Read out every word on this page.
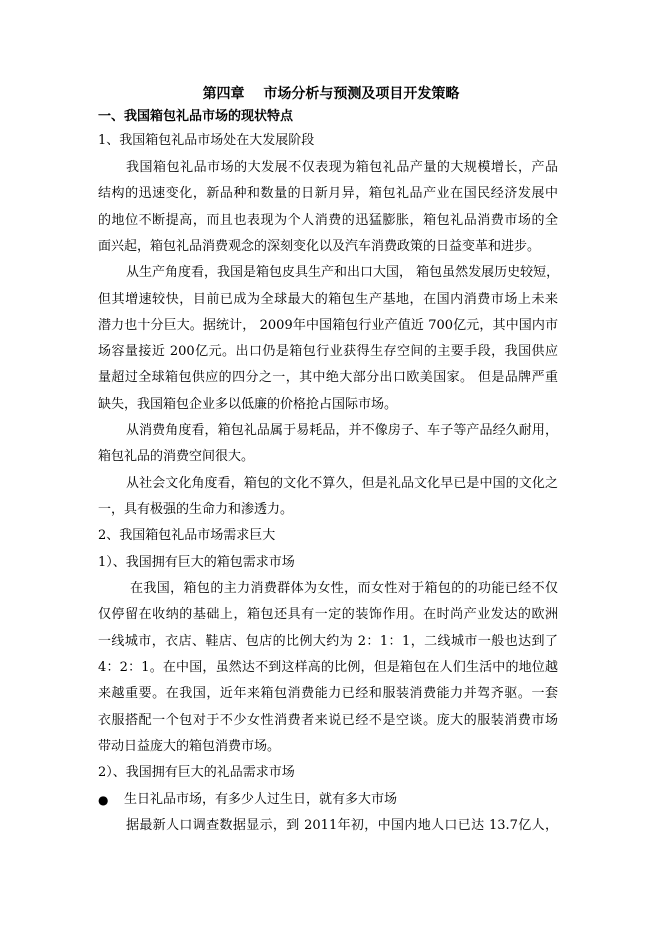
第四章　 市场分析与预测及项目开发策略
一、我国箱包礼品市场的现状特点
1、我国箱包礼品市场处在大发展阶段
我国箱包礼品市场的大发展不仅表现为箱包礼品产量的大规模增长，产品
结构的迅速变化，新品种和数量的日新月异，箱包礼品产业在国民经济发展中
的地位不断提高，而且也表现为个人消费的迅猛膨胀，箱包礼品消费市场的全
面兴起，箱包礼品消费观念的深刻变化以及汽车消费政策的日益变革和进步。
从生产角度看，我国是箱包皮具生产和出口大国， 箱包虽然发展历史较短，
但其增速较快，目前已成为全球最大的箱包生产基地，在国内消费市场上未来
潜力也十分巨大。据统计， 2009年中国箱包行业产值近 700亿元，其中国内市
场容量接近 200亿元。出口仍是箱包行业获得生存空间的主要手段，我国供应
量超过全球箱包供应的四分之一，其中绝大部分出口欧美国家。 但是品牌严重
缺失，我国箱包企业多以低廉的价格抢占国际市场。
从消费角度看，箱包礼品属于易耗品，并不像房子、车子等产品经久耐用，
箱包礼品的消费空间很大。
从社会文化角度看，箱包的文化不算久，但是礼品文化早已是中国的文化之
一，具有极强的生命力和渗透力。
2、我国箱包礼品市场需求巨大
1）、我国拥有巨大的箱包需求市场
在我国，箱包的主力消费群体为女性，而女性对于箱包的的功能已经不仅
仅停留在收纳的基础上，箱包还具有一定的装饰作用。在时尚产业发达的欧洲
一线城市，衣店、鞋店、包店的比例大约为 2：1：1，二线城市一般也达到了
4：2：1。在中国，虽然达不到这样高的比例，但是箱包在人们生活中的地位越
来越重要。在我国，近年来箱包消费能力已经和服装消费能力并驾齐驱。一套
衣服搭配一个包对于不少女性消费者来说已经不是空谈。庞大的服装消费市场
带动日益庞大的箱包消费市场。
2）、我国拥有巨大的礼品需求市场
● 生日礼品市场，有多少人过生日，就有多大市场
据最新人口调查数据显示，到 2011年初，中国内地人口已达 13.7亿人，
